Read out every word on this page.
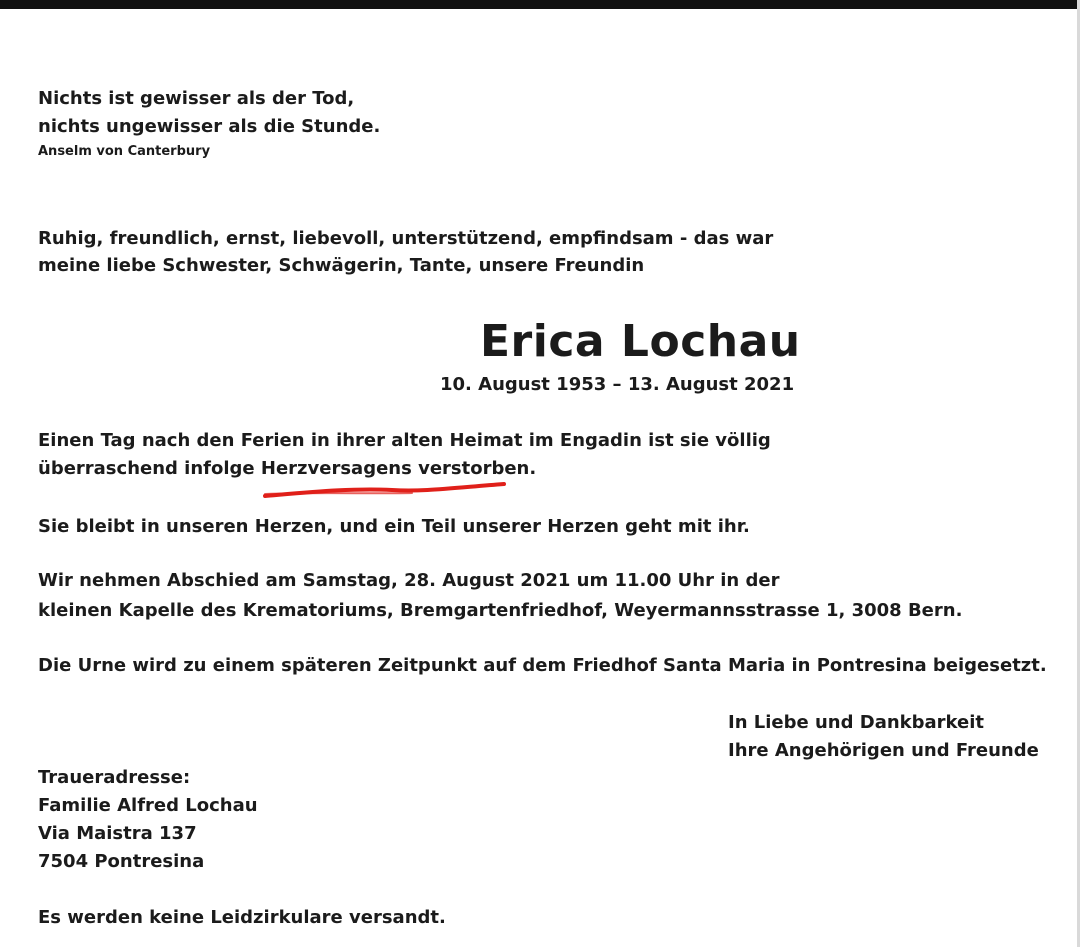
Nichts ist gewisser als der Tod,
nichts ungewisser als die Stunde.
Anselm von Canterbury
Ruhig, freundlich, ernst, liebevoll, unterstützend, empfindsam - das war
meine liebe Schwester, Schwägerin, Tante, unsere Freundin
Erica Lochau
10. August 1953 – 13. August 2021
Einen Tag nach den Ferien in ihrer alten Heimat im Engadin ist sie völlig
überraschend infolge Herzversagens verstorben.
Sie bleibt in unseren Herzen, und ein Teil unserer Herzen geht mit ihr.
Wir nehmen Abschied am Samstag, 28. August 2021 um 11.00 Uhr in der
kleinen Kapelle des Krematoriums, Bremgartenfriedhof, Weyermannsstrasse 1, 3008 Bern.
Die Urne wird zu einem späteren Zeitpunkt auf dem Friedhof Santa Maria in Pontresina beigesetzt.
In Liebe und Dankbarkeit
Ihre Angehörigen und Freunde
Traueradresse:
Familie Alfred Lochau
Via Maistra 137
7504 Pontresina
Es werden keine Leidzirkulare versandt.
